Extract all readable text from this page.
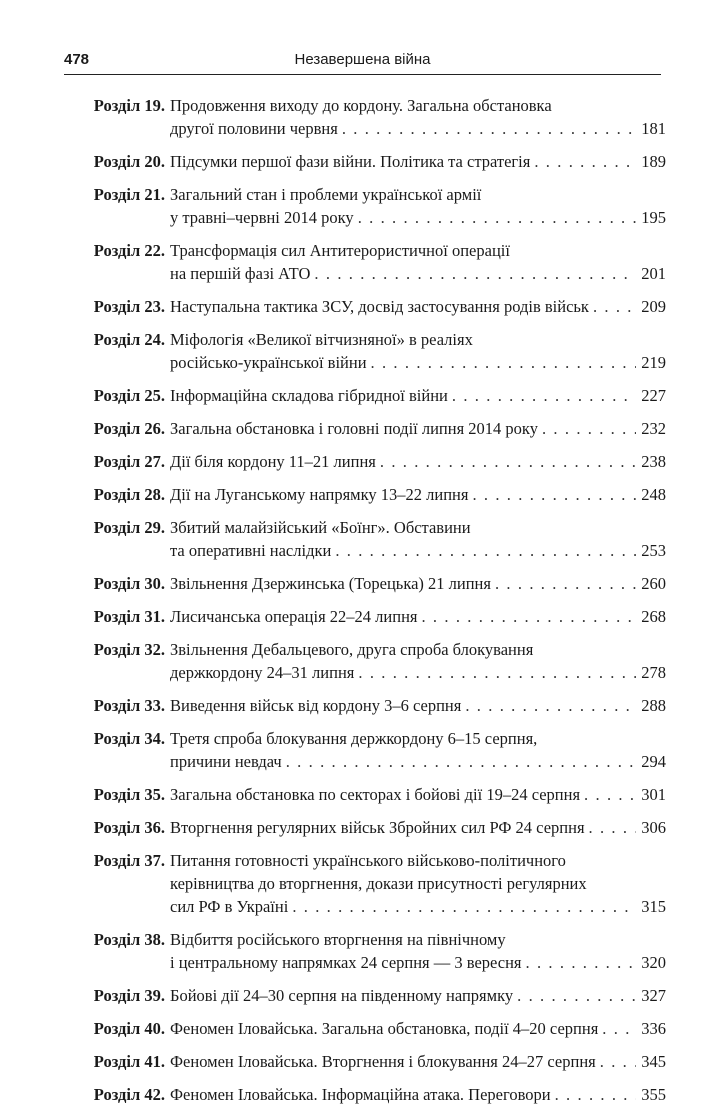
478	Незавершена війна
Розділ 19. Продовження виходу до кордону. Загальна обстановка
другої половини червня . . .	181
Розділ 20. Підсумки першої фази війни. Політика та стратегія . . .	189
Розділ 21. Загальний стан і проблеми української армії
у травні–червні 2014 року . . .	195
Розділ 22. Трансформація сил Антитерористичної операції
на першій фазі АТО . . .	201
Розділ 23. Наступальна тактика ЗСУ, досвід застосування родів військ . . .	209
Розділ 24. Міфологія «Великої вітчизняної» в реаліях
російсько-української війни . . .	219
Розділ 25. Інформаційна складова гібридної війни . . .	227
Розділ 26. Загальна обстановка і головні події липня 2014 року . . .	232
Розділ 27. Дії біля кордону 11–21 липня . . .	238
Розділ 28. Дії на Луганському напрямку 13–22 липня . . .	248
Розділ 29. Збитий малайзійський «Боїнг». Обставини
та оперативні наслідки . . .	253
Розділ 30. Звільнення Дзержинська (Торецька) 21 липня . . .	260
Розділ 31. Лисичанська операція 22–24 липня . . .	268
Розділ 32. Звільнення Дебальцевого, друга спроба блокування
держкордону 24–31 липня . . .	278
Розділ 33. Виведення військ від кордону 3–6 серпня . . .	288
Розділ 34. Третя спроба блокування держкордону 6–15 серпня,
причини невдач . . .	294
Розділ 35. Загальна обстановка по секторах і бойові дії 19–24 серпня . . .	301
Розділ 36. Вторгнення регулярних військ Збройних сил РФ 24 серпня . . .	306
Розділ 37. Питання готовності українського військово-політичного
керівництва до вторгнення, докази присутності регулярних
сил РФ в Україні . . .	315
Розділ 38. Відбиття російського вторгнення на північному
і центральному напрямках 24 серпня — 3 вересня . . .	320
Розділ 39. Бойові дії 24–30 серпня на південному напрямку . . .	327
Розділ 40. Феномен Іловайська. Загальна обстановка, події 4–20 серпня . . .	336
Розділ 41. Феномен Іловайська. Вторгнення і блокування 24–27 серпня . . .	345
Розділ 42. Феномен Іловайська. Інформаційна атака. Переговори . . .	355
